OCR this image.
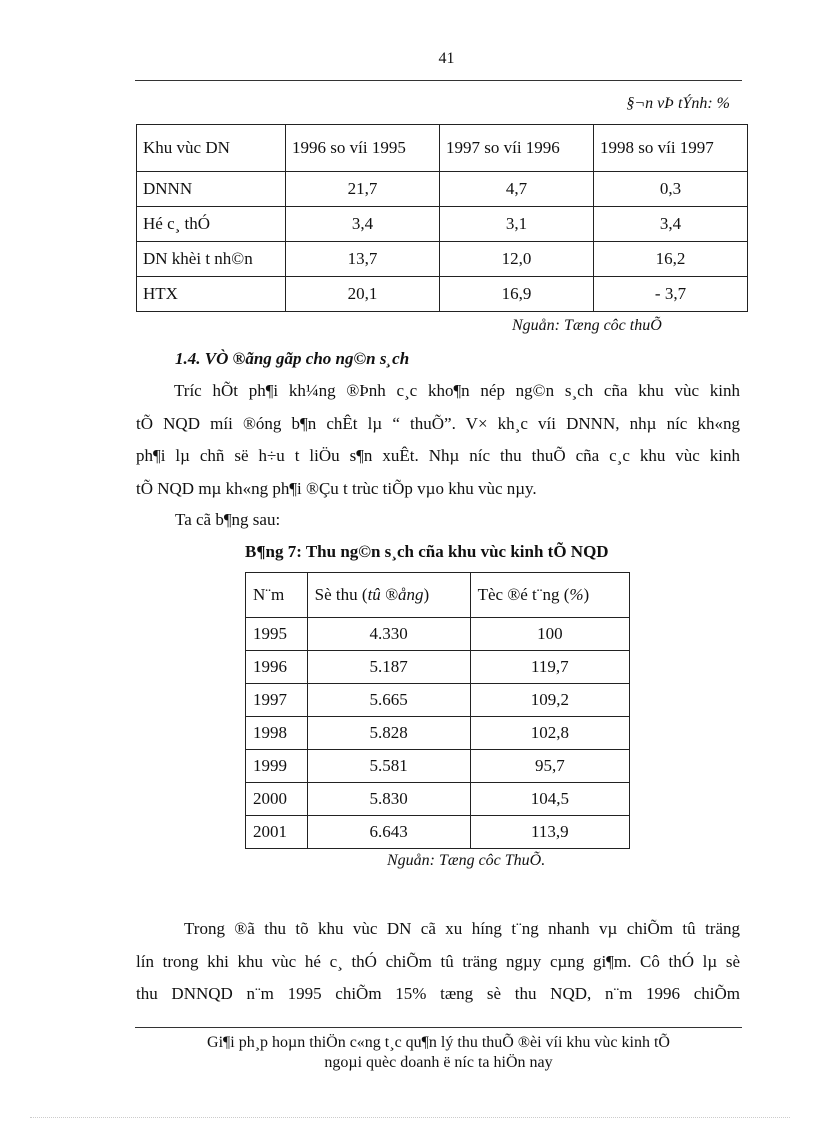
41
§¬n vÞ tÝnh: %
Khu vùc DN	1996 so víi 1995	1997 so víi 1996	1998 so víi 1997
DNNN	21,7	4,7	0,3
Hé c¸ thÓ	3,4	3,1	3,4
DN khèi t nh©n	13,7	12,0	16,2
HTX	20,1	16,9	- 3,7
Nguån: Tæng côc thuÕ
1.4. VÒ ®ãng gãp cho ng©n s¸ch

Tríc hÕt ph¶i kh¼ng ®Þnh c¸c kho¶n nép ng©n s¸ch cña khu vùc kinh
tÕ NQD míi ®óng b¶n chÊt lµ “ thuÕ”. V× kh¸c víi DNNN, nhµ níc kh«ng
ph¶i lµ chñ së h÷u t liÖu s¶n xuÊt. Nhµ níc thu thuÕ cña c¸c khu vùc kinh
tÕ NQD mµ kh«ng ph¶i ®Çu t trùc tiÕp vµo khu vùc nµy.

Ta cã b¶ng sau:
B¶ng 7: Thu ng©n s¸ch cña khu vùc kinh tÕ NQD
N¨m	Sè thu (tû ®ång)	Tèc ®é t¨ng (%)
1995	4.330	100
1996	5.187	119,7
1997	5.665	109,2
1998	5.828	102,8
1999	5.581	95,7
2000	5.830	104,5
2001	6.643	113,9
Nguån: Tæng côc ThuÕ.

Trong ®ã thu tõ khu vùc DN cã xu híng t¨ng nhanh vµ chiÕm tû träng
lín trong khi khu vùc hé c¸ thÓ chiÕm tû träng ngµy cµng gi¶m. Cô thÓ lµ sè
thu DNNQD n¨m 1995 chiÕm 15% tæng sè thu NQD, n¨m 1996 chiÕm

Gi¶i ph¸p hoµn thiÖn c«ng t¸c qu¶n lý thu thuÕ ®èi víi khu vùc kinh tÕ
ngoµi quèc doanh ë níc ta hiÖn nay
